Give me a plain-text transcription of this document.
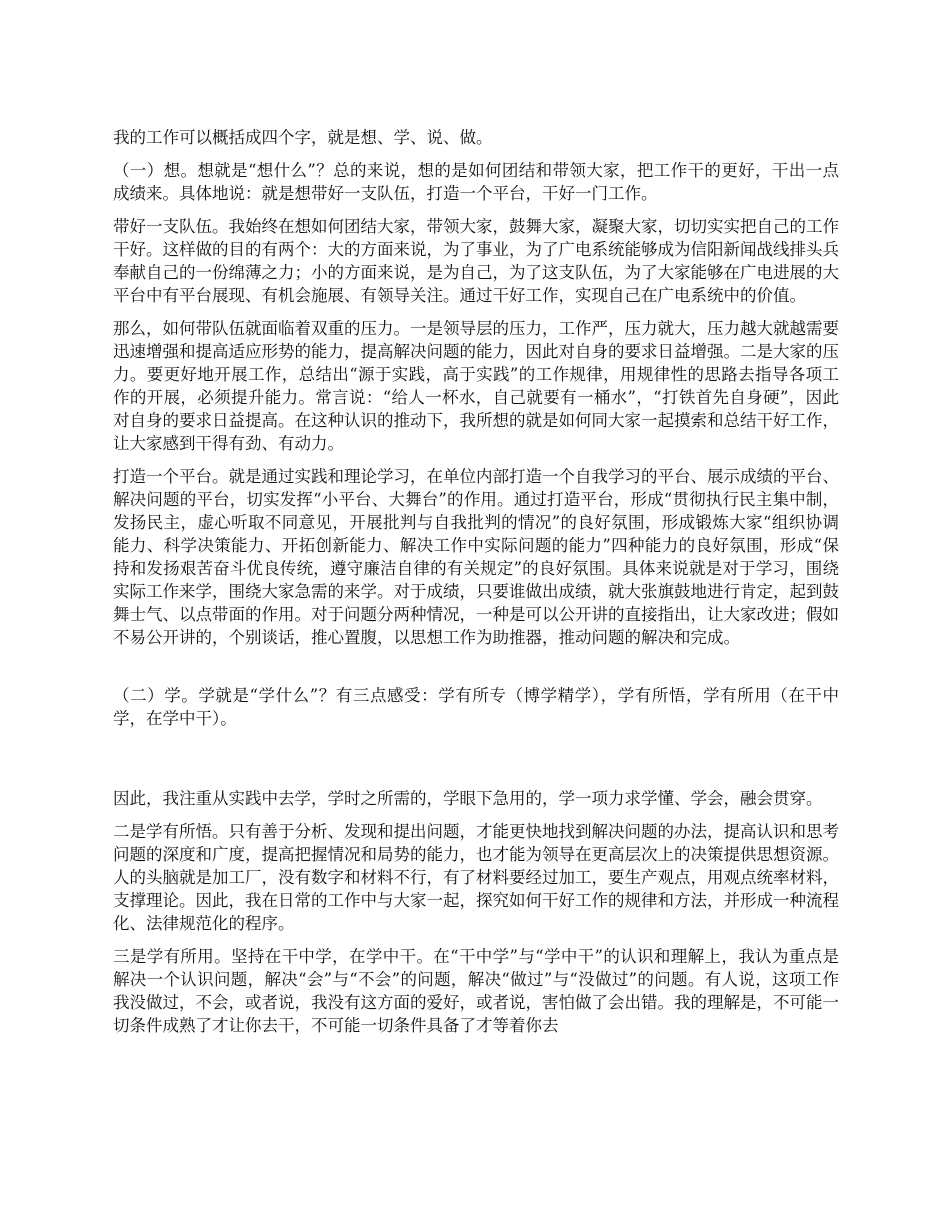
我的工作可以概括成四个字，就是想、学、说、做。

（一）想。想就是“想什么”？总的来说，想的是如何团结和带领大家，把工作干的更好，干出一点成绩来。具体地说：就是想带好一支队伍，打造一个平台，干好一门工作。

带好一支队伍。我始终在想如何团结大家，带领大家，鼓舞大家，凝聚大家，切切实实把自己的工作干好。这样做的目的有两个：大的方面来说，为了事业，为了广电系统能够成为信阳新闻战线排头兵奉献自己的一份绵薄之力；小的方面来说，是为自己，为了这支队伍，为了大家能够在广电进展的大平台中有平台展现、有机会施展、有领导关注。通过干好工作，实现自己在广电系统中的价值。

那么，如何带队伍就面临着双重的压力。一是领导层的压力，工作严，压力就大，压力越大就越需要迅速增强和提高适应形势的能力，提高解决问题的能力，因此对自身的要求日益增强。二是大家的压力。要更好地开展工作，总结出“源于实践，高于实践”的工作规律，用规律性的思路去指导各项工作的开展，必须提升能力。常言说：“给人一杯水，自己就要有一桶水”，“打铁首先自身硬”，因此对自身的要求日益提高。在这种认识的推动下，我所想的就是如何同大家一起摸索和总结干好工作，让大家感到干得有劲、有动力。

打造一个平台。就是通过实践和理论学习，在单位内部打造一个自我学习的平台、展示成绩的平台、解决问题的平台，切实发挥“小平台、大舞台”的作用。通过打造平台，形成“贯彻执行民主集中制，发扬民主，虚心听取不同意见，开展批判与自我批判的情况”的良好氛围，形成锻炼大家“组织协调能力、科学决策能力、开拓创新能力、解决工作中实际问题的能力”四种能力的良好氛围，形成“保持和发扬艰苦奋斗优良传统，遵守廉洁自律的有关规定”的良好氛围。具体来说就是对于学习，围绕实际工作来学，围绕大家急需的来学。对于成绩，只要谁做出成绩，就大张旗鼓地进行肯定，起到鼓舞士气、以点带面的作用。对于问题分两种情况，一种是可以公开讲的直接指出，让大家改进；假如不易公开讲的，个别谈话，推心置腹，以思想工作为助推器，推动问题的解决和完成。

（二）学。学就是“学什么”？有三点感受：学有所专（博学精学），学有所悟，学有所用（在干中学，在学中干）。

因此，我注重从实践中去学，学时之所需的，学眼下急用的，学一项力求学懂、学会，融会贯穿。

二是学有所悟。只有善于分析、发现和提出问题，才能更快地找到解决问题的办法，提高认识和思考问题的深度和广度，提高把握情况和局势的能力，也才能为领导在更高层次上的决策提供思想资源。人的头脑就是加工厂，没有数字和材料不行，有了材料要经过加工，要生产观点，用观点统率材料，支撑理论。因此，我在日常的工作中与大家一起，探究如何干好工作的规律和方法，并形成一种流程化、法律规范化的程序。

三是学有所用。坚持在干中学，在学中干。在“干中学”与“学中干”的认识和理解上，我认为重点是解决一个认识问题，解决“会”与“不会”的问题，解决“做过”与“没做过”的问题。有人说，这项工作我没做过，不会，或者说，我没有这方面的爱好，或者说，害怕做了会出错。我的理解是，不可能一切条件成熟了才让你去干，不可能一切条件具备了才等着你去
